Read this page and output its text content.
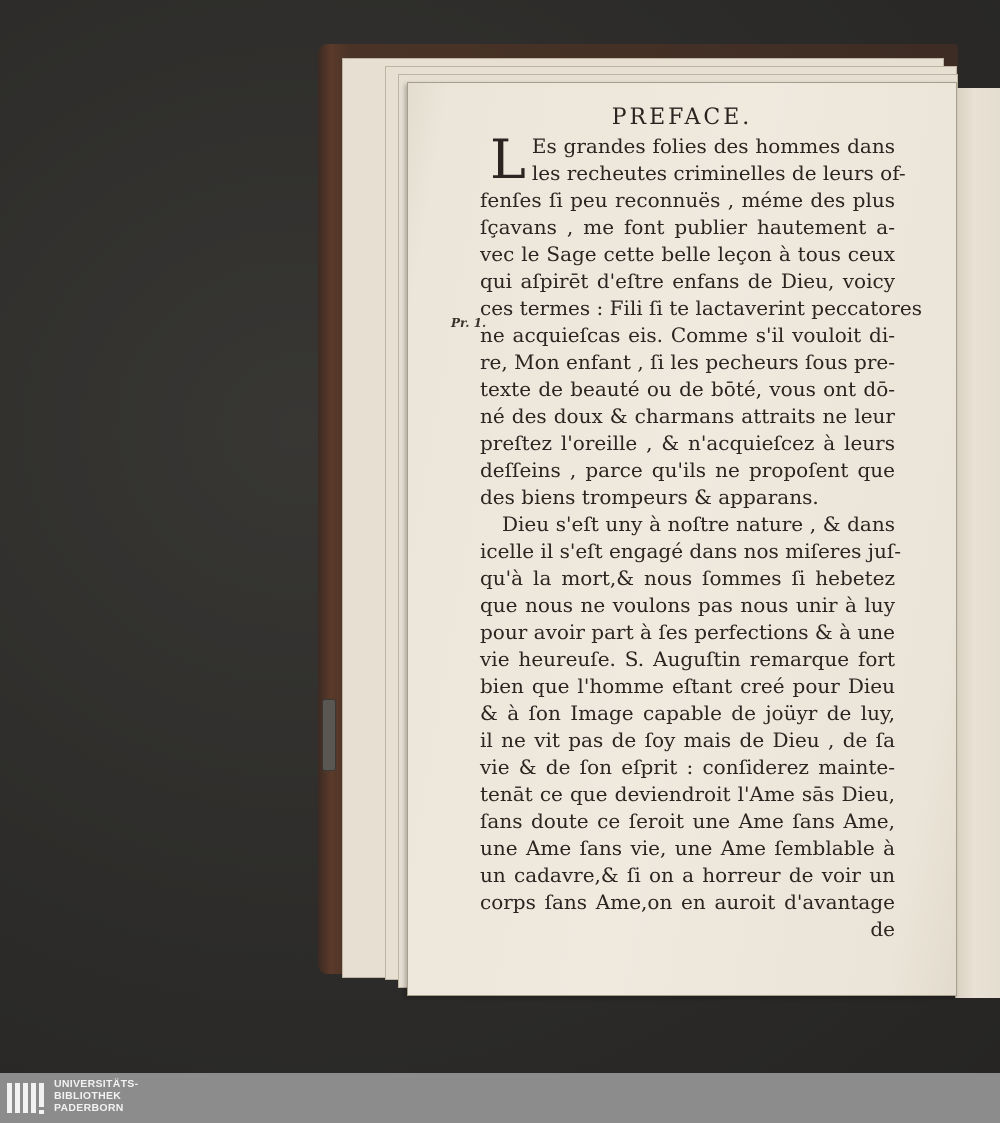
PREFACE.
Pr. 1.
L Es grandes folies des hommes dans
les recheutes criminelles de leurs of-
fenſes ſi peu reconnuës , méme des plus
ſçavans , me font publier hautement a-
vec le Sage cette belle leçon à tous ceux
qui aſpirēt d'eſtre enfans de Dieu, voicy
ces termes : Fili ſi te lactaverint peccatores
ne acquieſcas eis. Comme s'il vouloit di-
re, Mon enfant , ſi les pecheurs ſous pre-
texte de beauté ou de bōté, vous ont dō-
né des doux & charmans attraits ne leur
preſtez l'oreille , & n'acquieſcez à leurs
deſſeins , parce qu'ils ne propoſent que
des biens trompeurs & apparans.
Dieu s'eſt uny à noſtre nature , & dans
icelle il s'eſt engagé dans nos miſeres juſ-
qu'à la mort,& nous ſommes ſi hebetez
que nous ne voulons pas nous unir à luy
pour avoir part à ſes perfections & à une
vie heureuſe. S. Auguſtin remarque fort
bien que l'homme eſtant creé pour Dieu
& à ſon Image capable de joüyr de luy,
il ne vit pas de ſoy mais de Dieu , de ſa
vie & de ſon eſprit : conſiderez mainte-
tenāt ce que deviendroit l'Ame sās Dieu,
ſans doute ce ſeroit une Ame ſans Ame,
une Ame ſans vie, une Ame ſemblable à
un cadavre,& ſi on a horreur de voir un
corps ſans Ame,on en auroit d'avantage
de
UNIVERSITÄTS-
BIBLIOTHEK
PADERBORN
